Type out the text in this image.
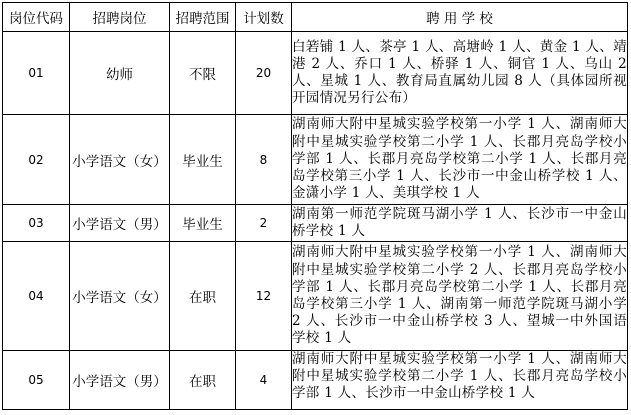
岗位代码	招聘岗位	招聘范围	计划数	聘 用 学 校
01	幼师	不限	20	白箬铺 1 人、茶亭 1 人、高塘岭 1 人、黄金 1 人、靖港 2 人、乔口 1 人、桥驿 1 人、铜官 1 人、乌山 2 人、星城 1 人、教育局直属幼儿园 8 人（具体园所视开园情况另行公布）
02	小学语文（女）	毕业生	8	湖南师大附中星城实验学校第一小学 1 人、湖南师大附中星城实验学校第二小学 1 人、长郡月亮岛学校小学部 1 人、长郡月亮岛学校第二小学 1 人、长郡月亮岛学校第三小学 1 人、长沙市一中金山桥学校 1 人、金潇小学 1 人、美琪学校 1 人
03	小学语文（男）	毕业生	2	湖南第一师范学院斑马湖小学 1 人、长沙市一中金山桥学校 1 人
04	小学语文（女）	在职	12	湖南师大附中星城实验学校第一小学 1 人、湖南师大附中星城实验学校第二小学 2 人、长郡月亮岛学校小学部 1 人、长郡月亮岛学校第二小学 1 人、长郡月亮岛学校第三小学 1 人、湖南第一师范学院斑马湖小学 2 人、长沙市一中金山桥学校 3 人、望城一中外国语学校 1 人
05	小学语文（男）	在职	4	湖南师大附中星城实验学校第一小学 1 人、湖南师大附中星城实验学校第二小学 1 人、长郡月亮岛学校小学部 1 人、长沙市一中金山桥学校 1 人
